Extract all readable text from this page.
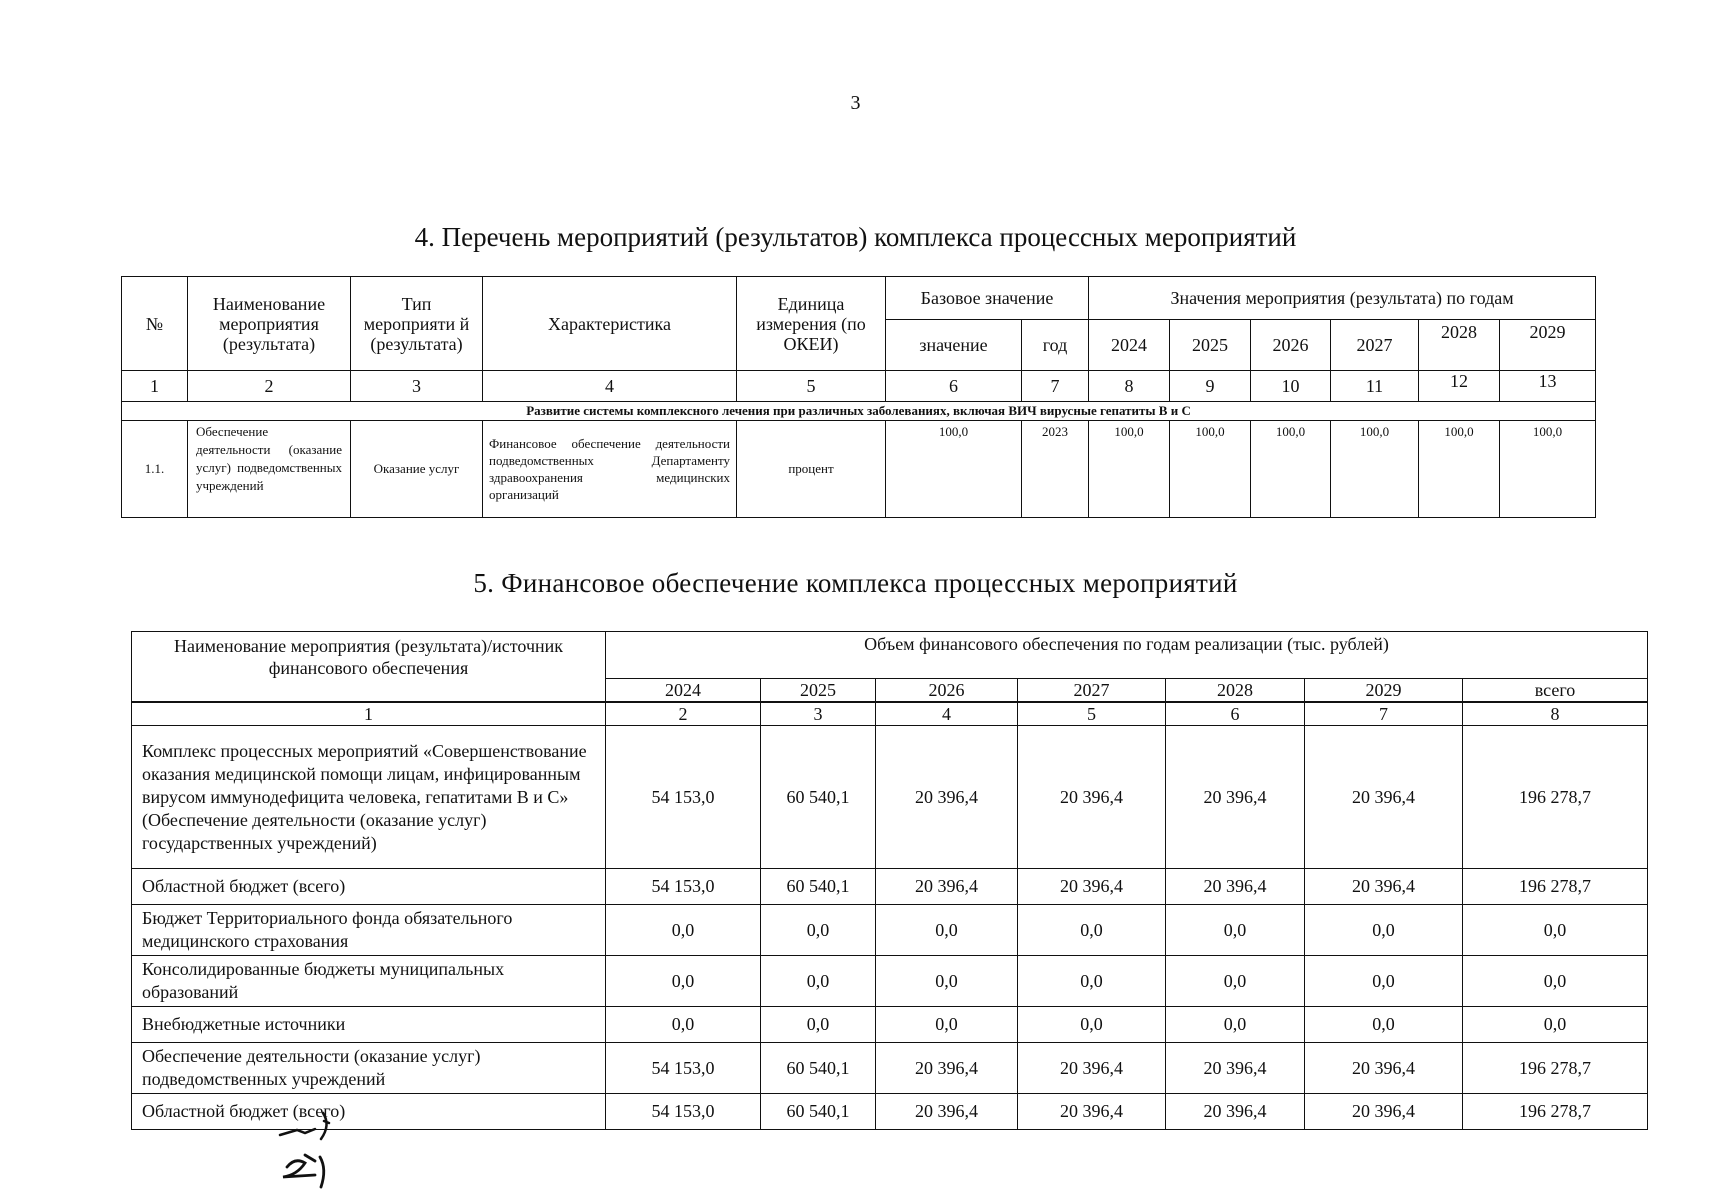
3
4. Перечень мероприятий (результатов) комплекса процессных мероприятий
№	Наименование мероприятия (результата)	Тип мероприяти й (результата)	Характеристика	Единица измерения (по ОКЕИ)	Базовое значение		Значения мероприятия (результата) по годам					
					значение	год	2024	2025	2026	2027	2028	2029
1	2	3	4	5	6	7	8	9	10	11	12	13
Развитие системы комплексного лечения при различных заболеваниях, включая ВИЧ вирусные гепатиты В и С												
1.1.	Обеспечение деятельности (оказание услуг) подведомственных учреждений	Оказание услуг	Финансовое обеспечение деятельности подведомственных Департаменту здравоохранения медицинских организаций	процент	100,0	2023	100,0	100,0	100,0	100,0	100,0	100,0
5. Финансовое обеспечение комплекса процессных мероприятий
Наименование мероприятия (результата)/источник финансового обеспечения	Объем финансового обеспечения по годам реализации (тыс. рублей)						
	2024	2025	2026	2027	2028	2029	всего
1	2	3	4	5	6	7	8
Комплекс процессных мероприятий «Совершенствование оказания медицинской помощи лицам, инфицированным вирусом иммунодефицита человека, гепатитами В и С» (Обеспечение деятельности (оказание услуг) государственных учреждений)	54 153,0	60 540,1	20 396,4	20 396,4	20 396,4	20 396,4	196 278,7
Областной бюджет (всего)	54 153,0	60 540,1	20 396,4	20 396,4	20 396,4	20 396,4	196 278,7
Бюджет Территориального фонда обязательного медицинского страхования	0,0	0,0	0,0	0,0	0,0	0,0	0,0
Консолидированные бюджеты муниципальных образований	0,0	0,0	0,0	0,0	0,0	0,0	0,0
Внебюджетные источники	0,0	0,0	0,0	0,0	0,0	0,0	0,0
Обеспечение деятельности (оказание услуг) подведомственных учреждений	54 153,0	60 540,1	20 396,4	20 396,4	20 396,4	20 396,4	196 278,7
Областной бюджет (всего)	54 153,0	60 540,1	20 396,4	20 396,4	20 396,4	20 396,4	196 278,7
